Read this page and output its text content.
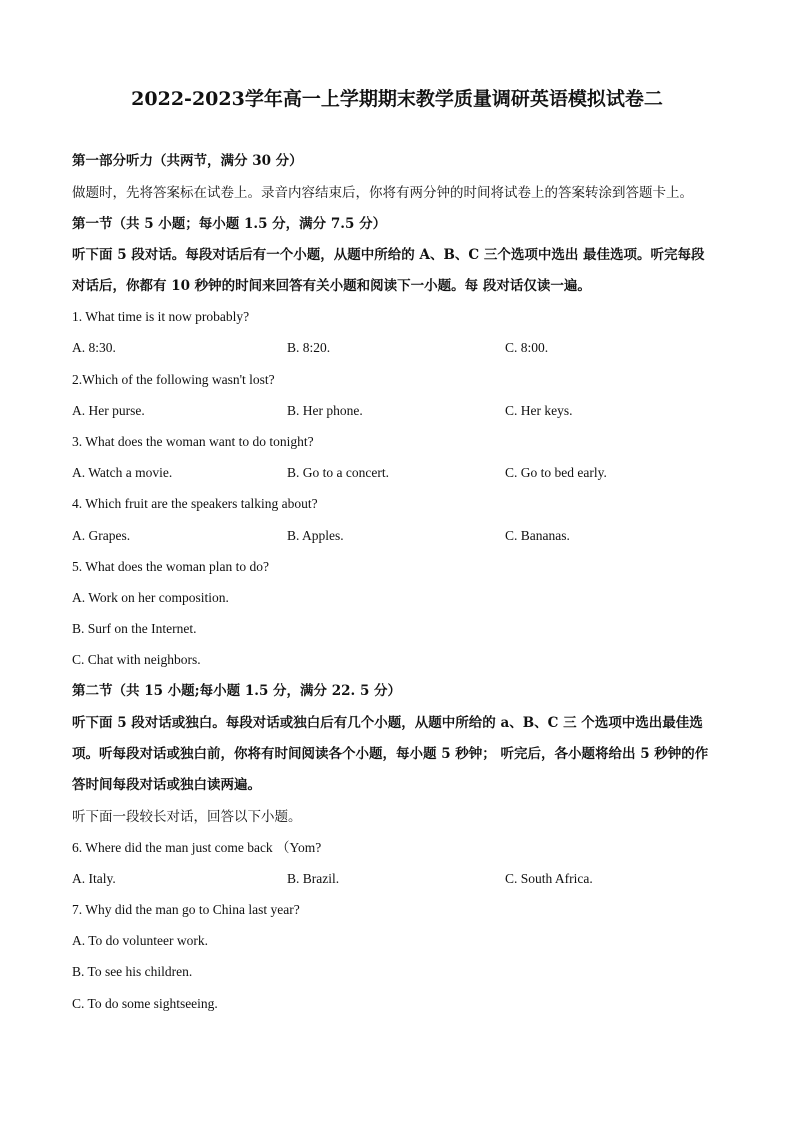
2022-2023学年高一上学期期末教学质量调研英语模拟试卷二
第一部分听力（共两节，满分 30 分）
做题时，先将答案标在试卷上。录音内容结束后，你将有两分钟的时间将试卷上的答案转涂到答题卡上。
第一节（共 5 小题；每小题 1.5 分，满分 7.5 分）
听下面 5 段对话。每段对话后有一个小题，从题中所给的 A、B、C 三个选项中选出 最佳选项。听完每段
对话后，你都有 10 秒钟的时间来回答有关小题和阅读下一小题。每 段对话仅读一遍。
1. What time is it now probably?
A. 8:30.	B. 8:20.	C. 8:00.
2.Which of the following wasn't lost?
A. Her purse.	B. Her phone.	C. Her keys.
3. What does the woman want to do tonight?
A. Watch a movie.	B. Go to a concert.	C. Go to bed early.
4. Which fruit are the speakers talking about?
A. Grapes.	B. Apples.	C. Bananas.
5. What does the woman plan to do?
A. Work on her composition.
B. Surf on the Internet.
C. Chat with neighbors.
第二节（共 15 小题;每小题 1.5 分，满分 22. 5 分）
听下面 5 段对话或独白。每段对话或独白后有几个小题，从题中所给的 a、B、C 三 个选项中选出最佳选
项。听每段对话或独白前，你将有时间阅读各个小题，每小题 5 秒钟； 听完后，各小题将给出 5 秒钟的作
答时间每段对话或独白读两遍。
听下面一段较长对话，回答以下小题。
6. Where did the man just come back （Yom?
A. Italy.	B. Brazil.	C. South Africa.
7. Why did the man go to China last year?
A. To do volunteer work.
B. To see his children.
C. To do some sightseeing.
